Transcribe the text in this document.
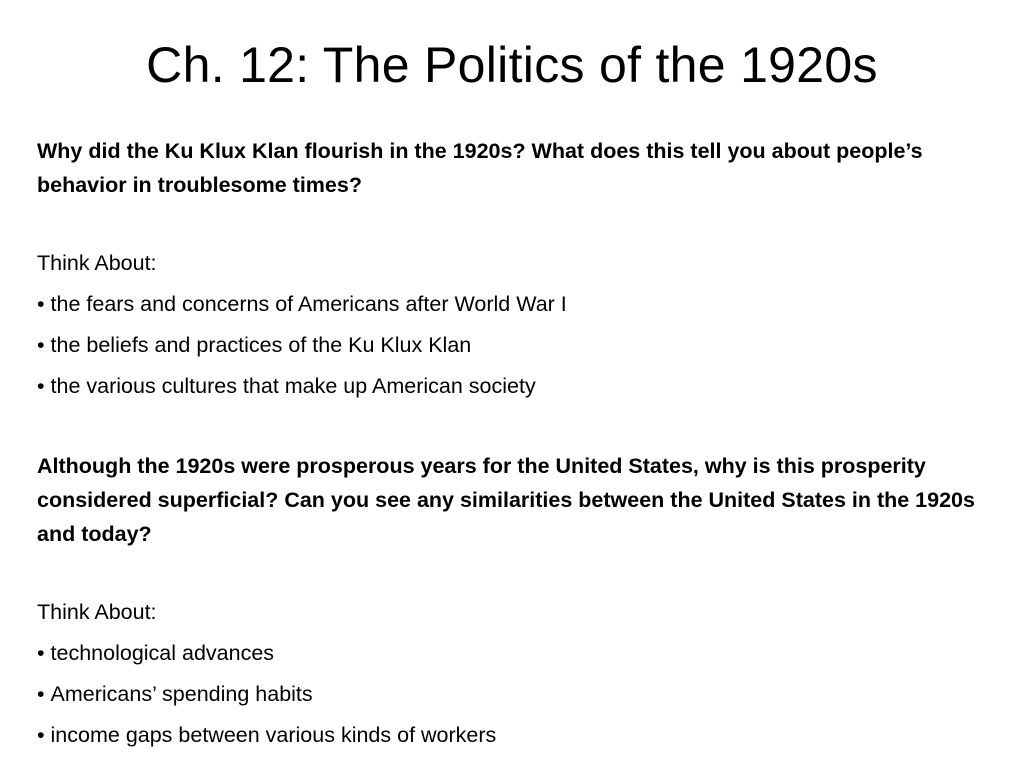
Ch. 12: The Politics of the 1920s

Why did the Ku Klux Klan flourish in the 1920s? What does this tell you about people’s behavior in troublesome times?

Think About:

• the fears and concerns of Americans after World War I
• the beliefs and practices of the Ku Klux Klan
• the various cultures that make up American society

Although the 1920s were prosperous years for the United States, why is this prosperity considered superficial? Can you see any similarities between the United States in the 1920s and today?

Think About:

• technological advances
• Americans’ spending habits
• income gaps between various kinds of workers
